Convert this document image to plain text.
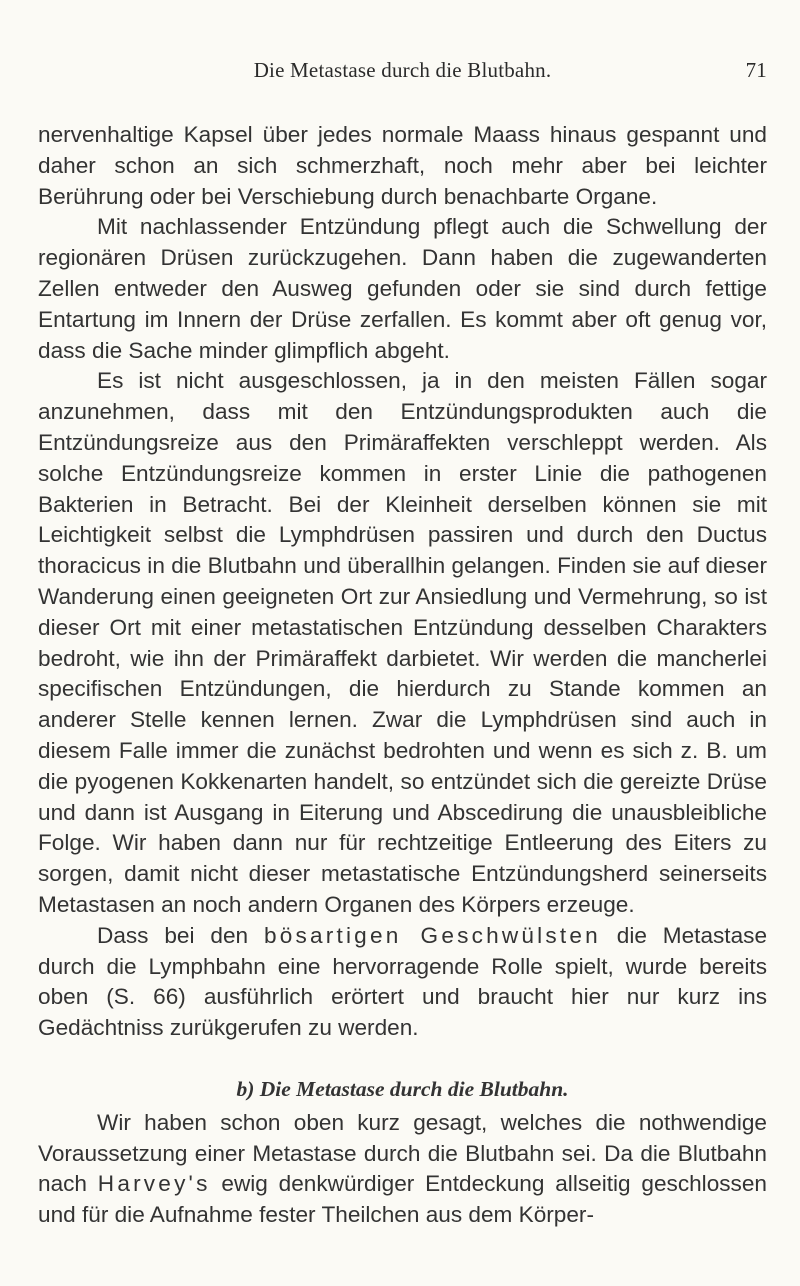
Die Metastase durch die Blutbahn.	71

nervenhaltige Kapsel über jedes normale Maass hinaus gespannt und daher schon an sich schmerzhaft, noch mehr aber bei leichter Berührung oder bei Verschiebung durch benachbarte Organe.

Mit nachlassender Entzündung pflegt auch die Schwellung der regionären Drüsen zurückzugehen. Dann haben die zugewanderten Zellen entweder den Ausweg gefunden oder sie sind durch fettige Entartung im Innern der Drüse zerfallen. Es kommt aber oft genug vor, dass die Sache minder glimpflich abgeht.

Es ist nicht ausgeschlossen, ja in den meisten Fällen sogar anzunehmen, dass mit den Entzündungsprodukten auch die Entzündungsreize aus den Primäraffekten verschleppt werden. Als solche Entzündungsreize kommen in erster Linie die pathogenen Bakterien in Betracht. Bei der Kleinheit derselben können sie mit Leichtigkeit selbst die Lymphdrüsen passiren und durch den Ductus thoracicus in die Blutbahn und überallhin gelangen. Finden sie auf dieser Wanderung einen geeigneten Ort zur Ansiedlung und Vermehrung, so ist dieser Ort mit einer metastatischen Entzündung desselben Charakters bedroht, wie ihn der Primäraffekt darbietet. Wir werden die mancherlei specifischen Entzündungen, die hierdurch zu Stande kommen an anderer Stelle kennen lernen. Zwar die Lymphdrüsen sind auch in diesem Falle immer die zunächst bedrohten und wenn es sich z. B. um die pyogenen Kokkenarten handelt, so entzündet sich die gereizte Drüse und dann ist Ausgang in Eiterung und Abscedirung die unausbleibliche Folge. Wir haben dann nur für rechtzeitige Entleerung des Eiters zu sorgen, damit nicht dieser metastatische Entzündungsherd seinerseits Metastasen an noch andern Organen des Körpers erzeuge.

Dass bei den bösartigen Geschwülsten die Metastase durch die Lymphbahn eine hervorragende Rolle spielt, wurde bereits oben (S. 66) ausführlich erörtert und braucht hier nur kurz ins Gedächtniss zurükgerufen zu werden.

b) Die Metastase durch die Blutbahn.

Wir haben schon oben kurz gesagt, welches die nothwendige Voraussetzung einer Metastase durch die Blutbahn sei. Da die Blutbahn nach Harvey's ewig denkwürdiger Entdeckung allseitig geschlossen und für die Aufnahme fester Theilchen aus dem Körper-
